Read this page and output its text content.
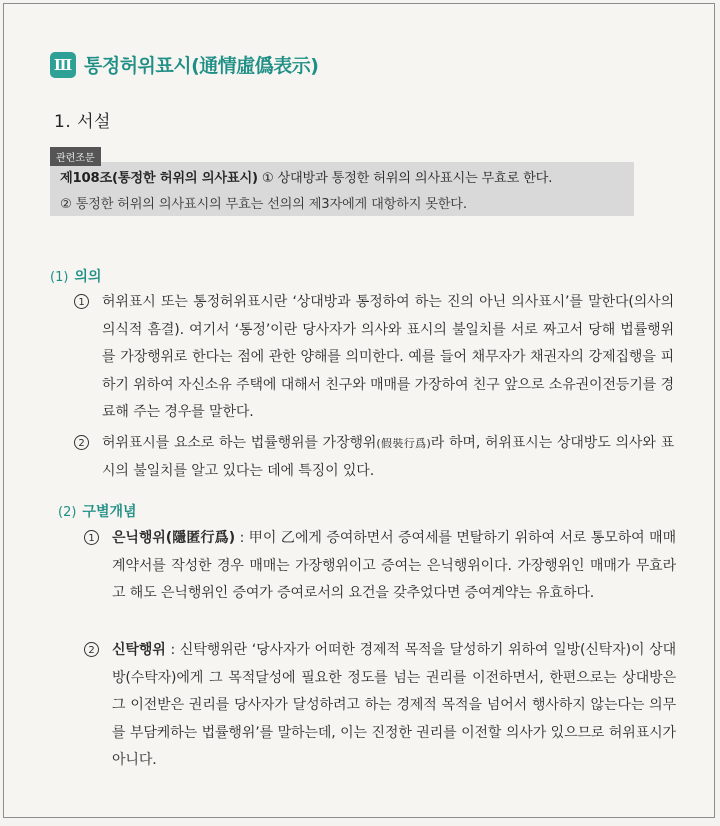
Ⅲ 통정허위표시(通情虛僞表示)
1. 서설
관련조문
제108조(통정한 허위의 의사표시) ① 상대방과 통정한 허위의 의사표시는 무효로 한다.
② 통정한 허위의 의사표시의 무효는 선의의 제3자에게 대항하지 못한다.
(1) 의의
1	허위표시 또는 통정허위표시란 ‘상대방과 통정하여 하는 진의 아닌 의사표시’를 말한다(의사의 의식적 흠결). 여기서 ‘통정’이란 당사자가 의사와 표시의 불일치를 서로 짜고서 당해 법률행위를 가장행위로 한다는 점에 관한 양해를 의미한다. 예를 들어 채무자가 채권자의 강제집행을 피하기 위하여 자신소유 주택에 대해서 친구와 매매를 가장하여 친구 앞으로 소유권이전등기를 경료해 주는 경우를 말한다.
2	허위표시를 요소로 하는 법률행위를 가장행위(假裝行爲)라 하며, 허위표시는 상대방도 의사와 표시의 불일치를 알고 있다는 데에 특징이 있다.
(2) 구별개념
1	은닉행위(隱匿行爲) : 甲이 乙에게 증여하면서 증여세를 면탈하기 위하여 서로 통모하여 매매계약서를 작성한 경우 매매는 가장행위이고 증여는 은닉행위이다. 가장행위인 매매가 무효라고 해도 은닉행위인 증여가 증여로서의 요건을 갖추었다면 증여계약는 유효하다.
2	신탁행위 : 신탁행위란 ‘당사자가 어떠한 경제적 목적을 달성하기 위하여 일방(신탁자)이 상대방(수탁자)에게 그 목적달성에 필요한 정도를 넘는 권리를 이전하면서, 한편으로는 상대방은 그 이전받은 권리를 당사자가 달성하려고 하는 경제적 목적을 넘어서 행사하지 않는다는 의무를 부담케하는 법률행위’를 말하는데, 이는 진정한 권리를 이전할 의사가 있으므로 허위표시가 아니다.
